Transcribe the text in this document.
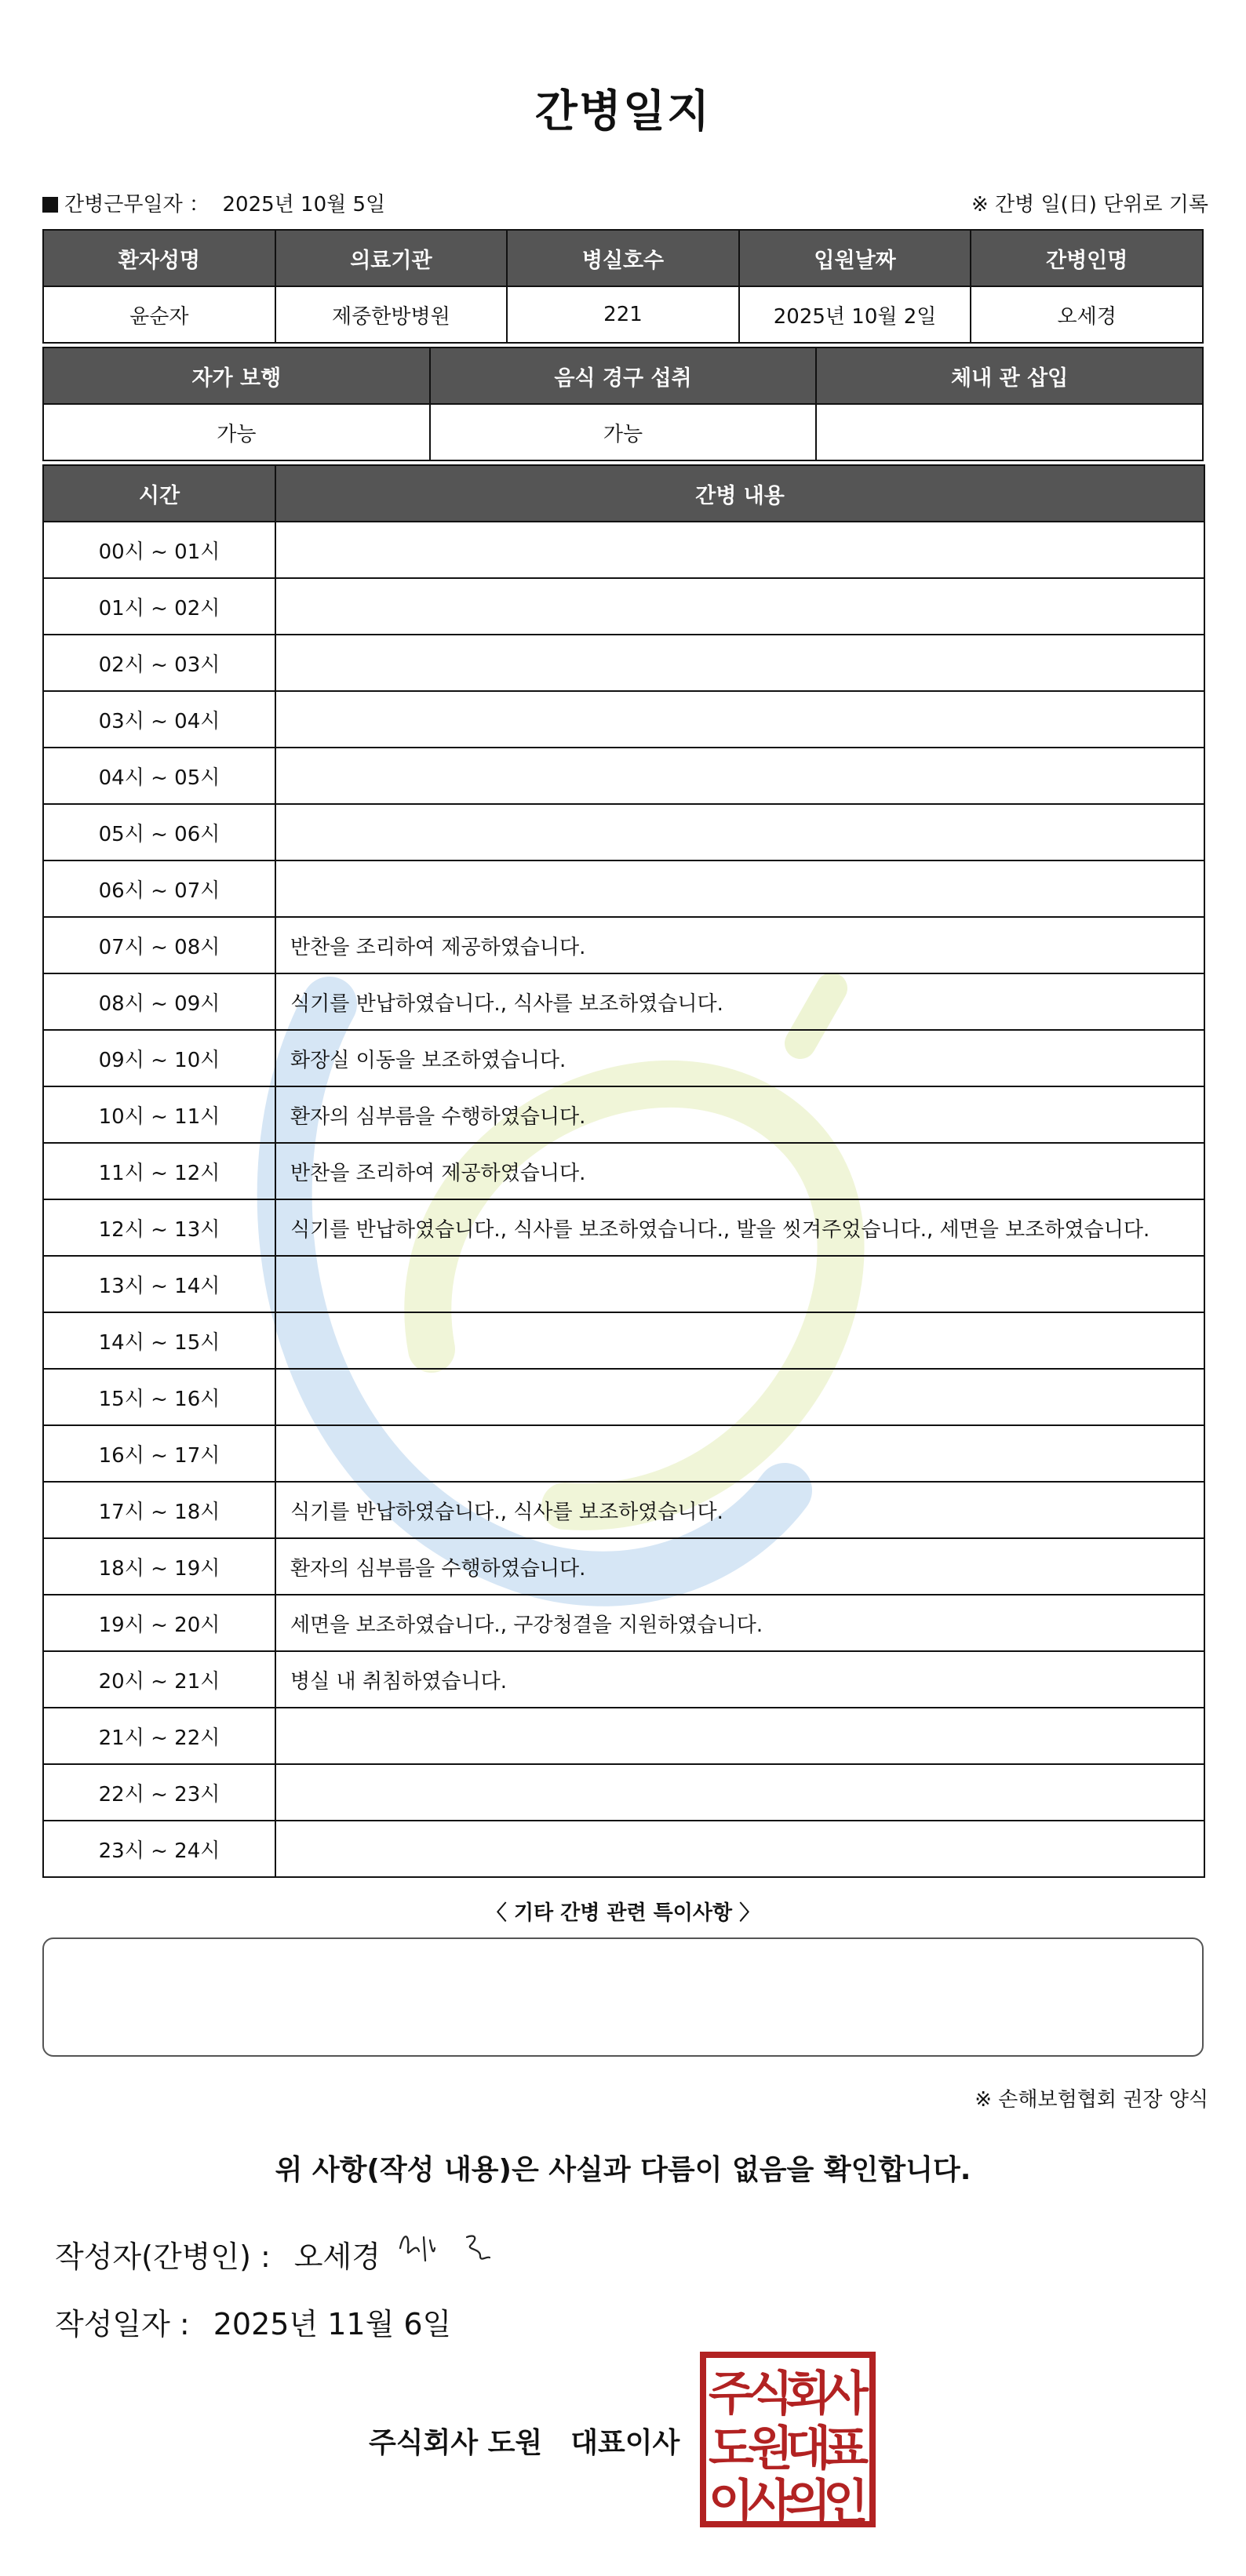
간병일지
간병근무일자 ： 2025년 10월 5일	※ 간병 일(日) 단위로 기록
환자성명	의료기관	병실호수	입원날짜	간병인명
윤순자	제중한방병원	221	2025년 10월 2일	오세경
자가 보행	음식 경구 섭취	체내 관 삽입
가능	가능	
시간	간병 내용
00시 ~ 01시	
01시 ~ 02시	
02시 ~ 03시	
03시 ~ 04시	
04시 ~ 05시	
05시 ~ 06시	
06시 ~ 07시	
07시 ~ 08시	반찬을 조리하여 제공하였습니다.
08시 ~ 09시	식기를 반납하였습니다., 식사를 보조하였습니다.
09시 ~ 10시	화장실 이동을 보조하였습니다.
10시 ~ 11시	환자의 심부름을 수행하였습니다.
11시 ~ 12시	반찬을 조리하여 제공하였습니다.
12시 ~ 13시	식기를 반납하였습니다., 식사를 보조하였습니다., 발을 씻겨주었습니다., 세면을 보조하였습니다.
13시 ~ 14시	
14시 ~ 15시	
15시 ~ 16시	
16시 ~ 17시	
17시 ~ 18시	식기를 반납하였습니다., 식사를 보조하였습니다.
18시 ~ 19시	환자의 심부름을 수행하였습니다.
19시 ~ 20시	세면을 보조하였습니다., 구강청결을 지원하였습니다.
20시 ~ 21시	병실 내 취침하였습니다.
21시 ~ 22시	
22시 ~ 23시	
23시 ~ 24시	
〈 기타 간병 관련 특이사항 〉
※ 손해보험협회 권장 양식
위 사항(작성 내용)은 사실과 다름이 없음을 확인합니다.
작성자(간병인) : 오세경
작성일자 : 2025년 11월 6일
주식회사 도원 대표이사
주
식
회
사
도
원
대
표
이
사
의
인
